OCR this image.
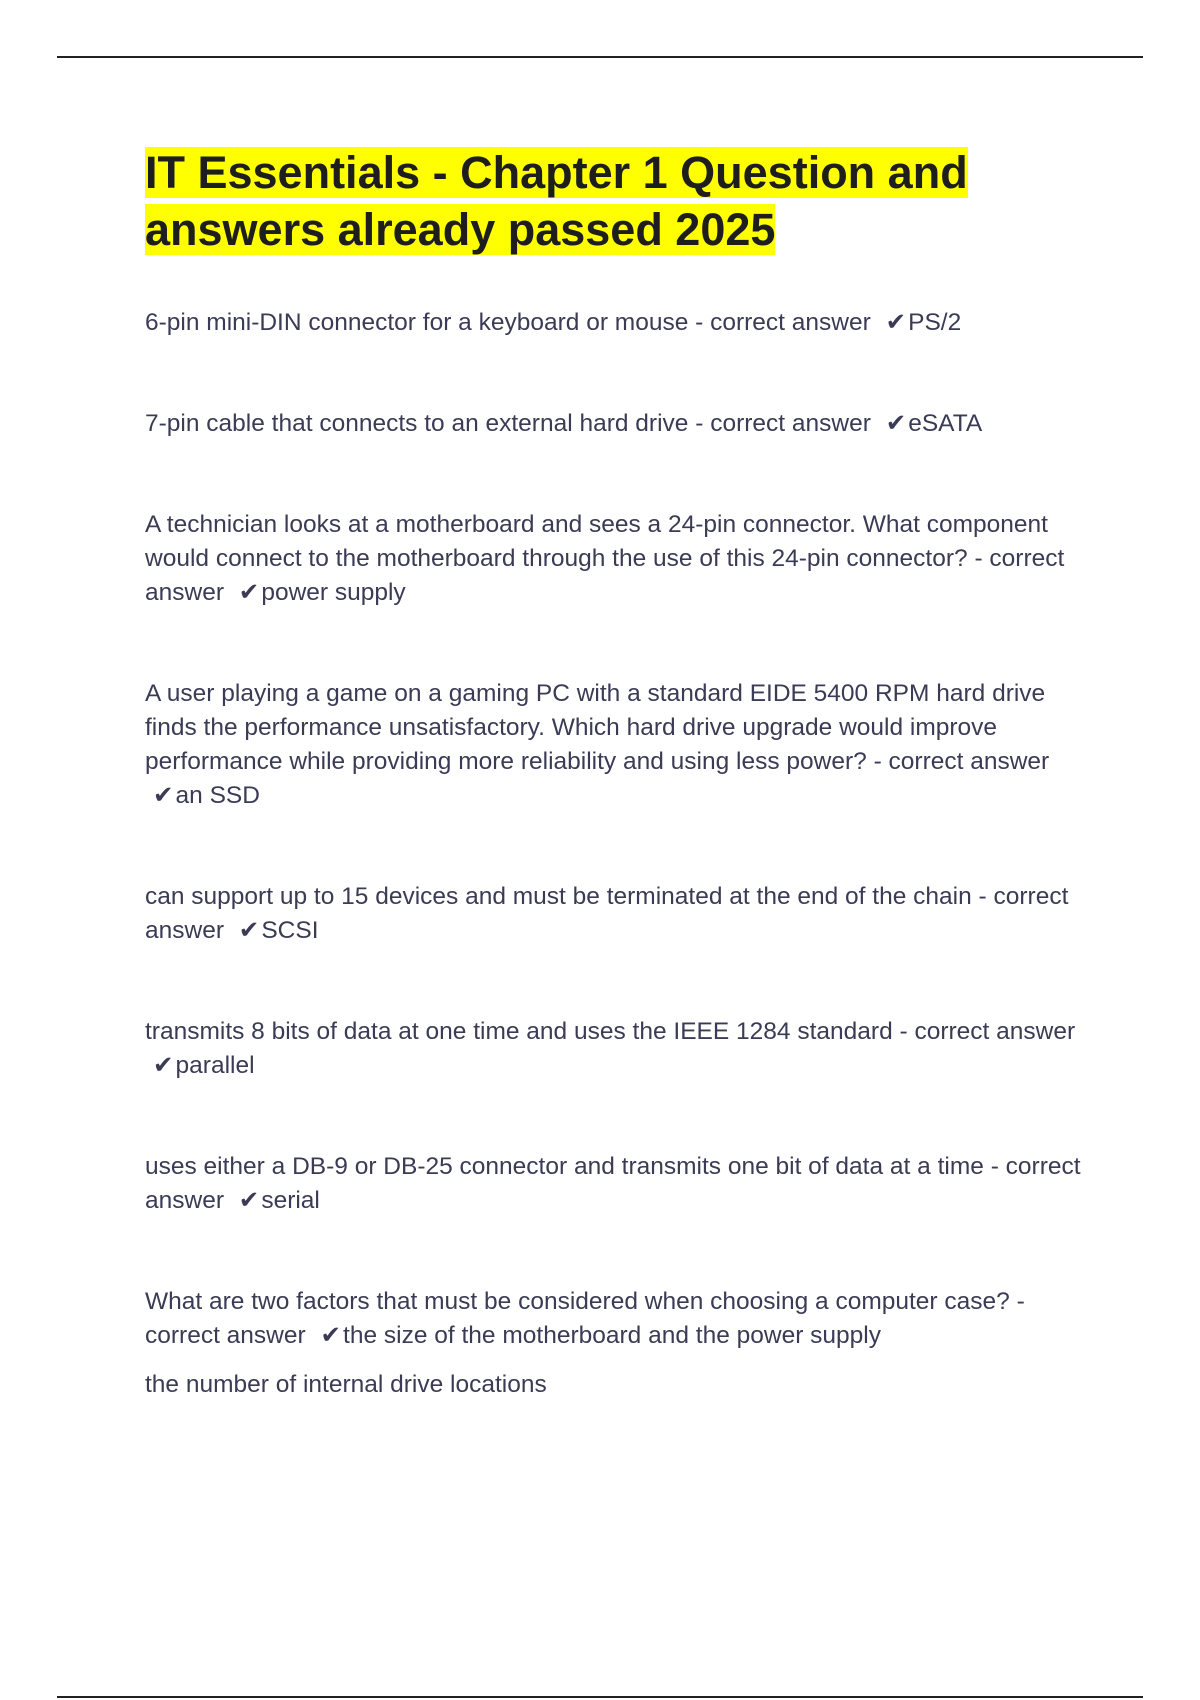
IT Essentials - Chapter 1 Question and answers already passed 2025

6-pin mini-DIN connector for a keyboard or mouse - correct answer ✔PS/2

7-pin cable that connects to an external hard drive - correct answer ✔eSATA

A technician looks at a motherboard and sees a 24-pin connector. What component would connect to the motherboard through the use of this 24-pin connector? - correct answer ✔power supply

A user playing a game on a gaming PC with a standard EIDE 5400 RPM hard drive finds the performance unsatisfactory. Which hard drive upgrade would improve performance while providing more reliability and using less power? - correct answer ✔an SSD

can support up to 15 devices and must be terminated at the end of the chain - correct answer ✔SCSI

transmits 8 bits of data at one time and uses the IEEE 1284 standard - correct answer ✔parallel

uses either a DB-9 or DB-25 connector and transmits one bit of data at a time - correct answer ✔serial

What are two factors that must be considered when choosing a computer case? - correct answer ✔the size of the motherboard and the power supply

the number of internal drive locations
